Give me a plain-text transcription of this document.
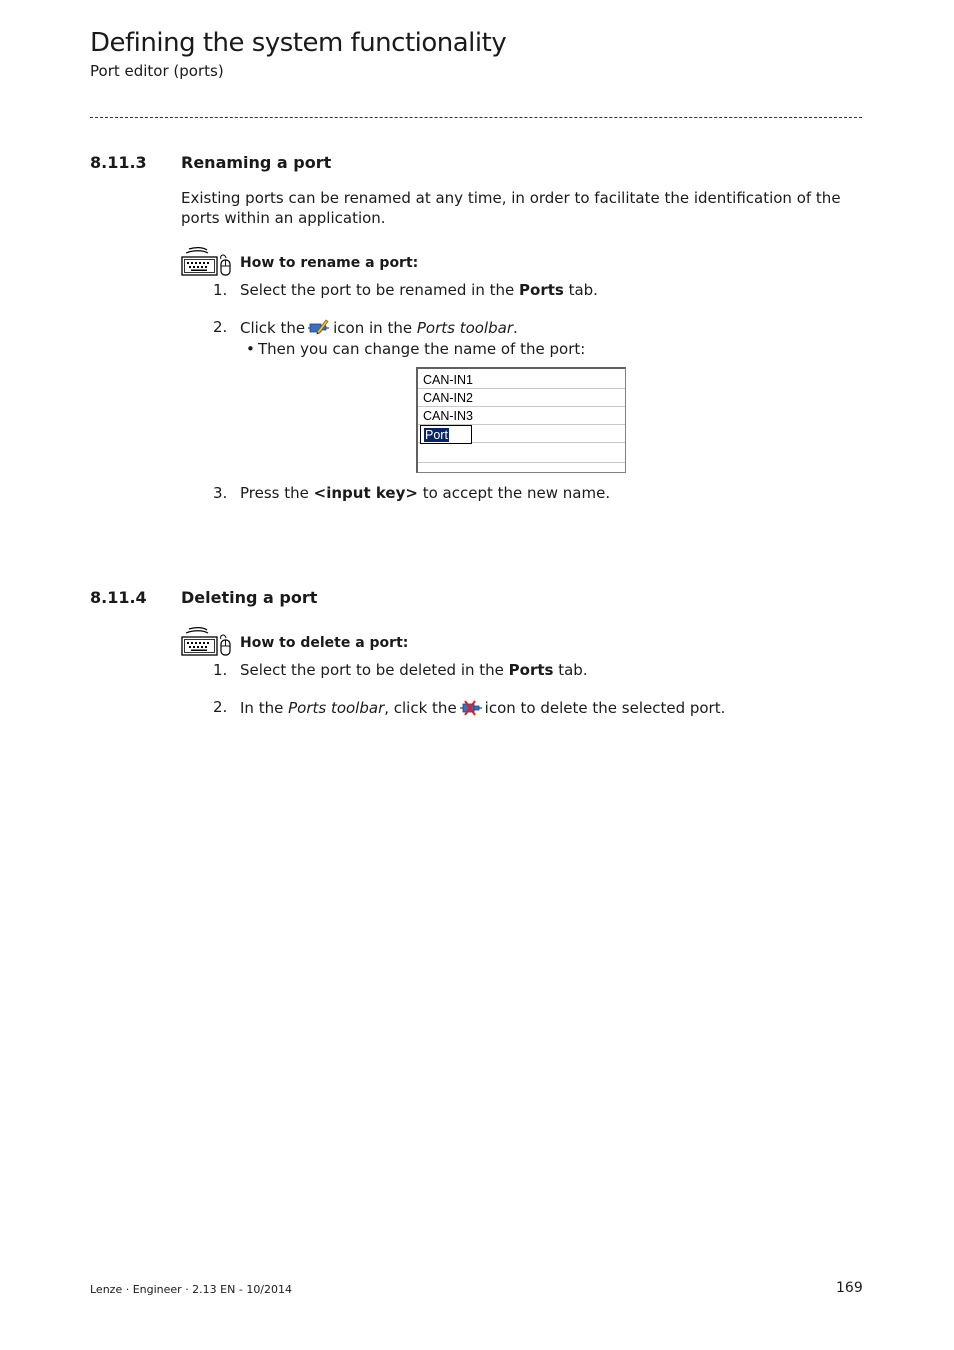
Defining the system functionality
Port editor (ports)
8.11.3 Renaming a port
Existing ports can be renamed at any time, in order to facilitate the identification of the ports within an application.
How to rename a port:
1. Select the port to be renamed in the Ports tab.
2. Click the icon in the Ports toolbar.
• Then you can change the name of the port:
CAN-IN1
CAN-IN2
CAN-IN3
Port
3. Press the <input key> to accept the new name.
8.11.4 Deleting a port
How to delete a port:
1. Select the port to be deleted in the Ports tab.
2. In the Ports toolbar, click the icon to delete the selected port.
Lenze · Engineer · 2.13 EN - 10/2014	169
